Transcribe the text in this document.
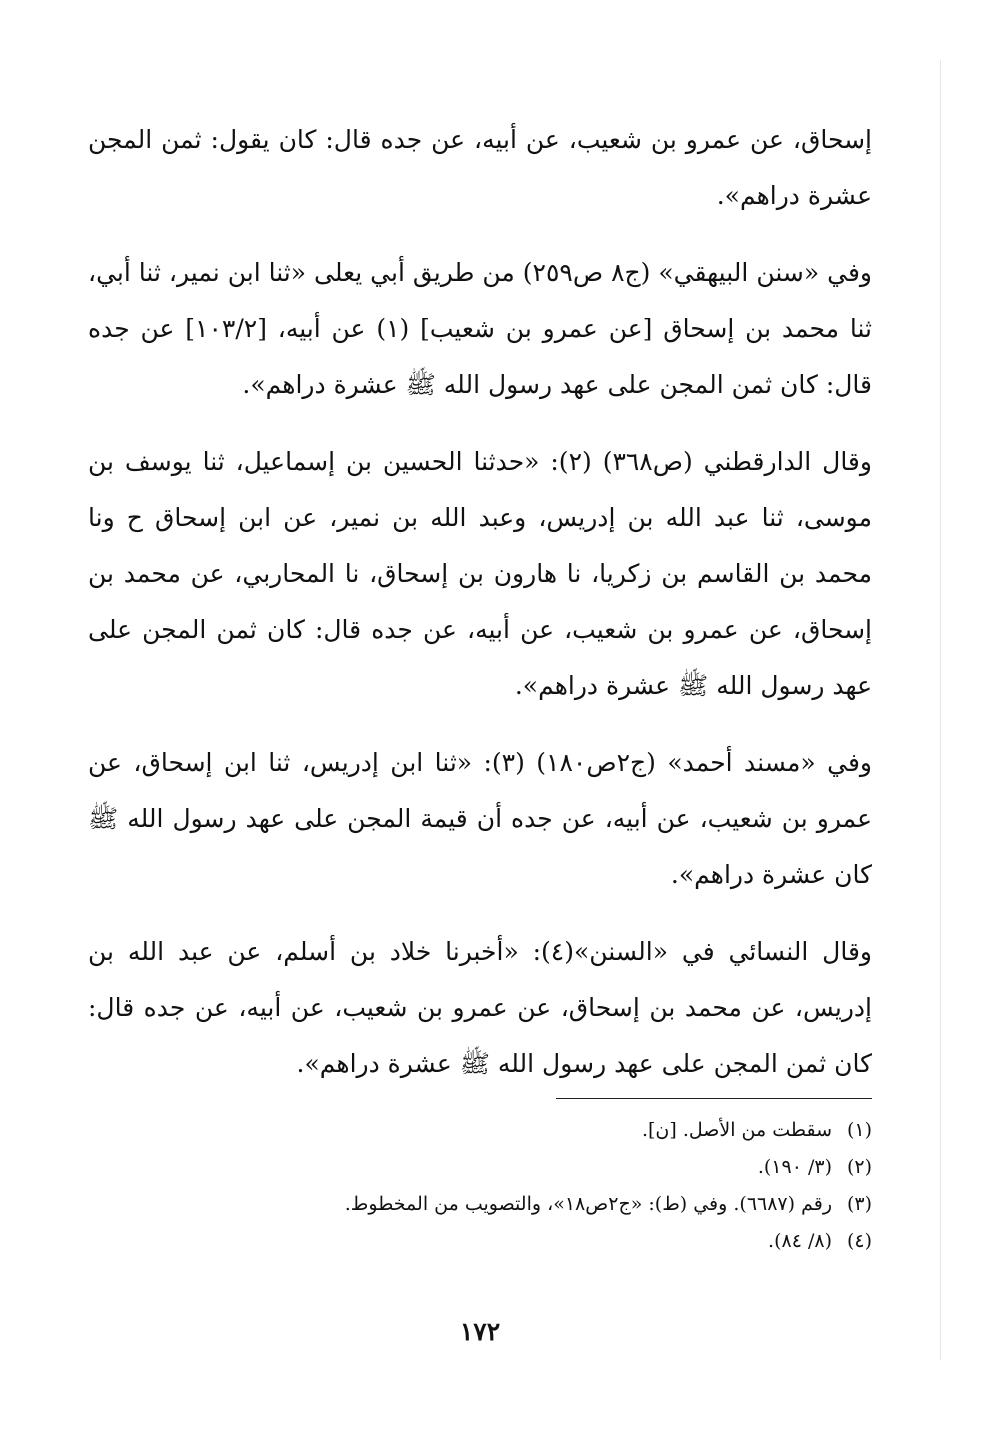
إسحاق، عن عمرو بن شعيب، عن أبيه، عن جده قال: كان يقول: ثمن المجن عشرة دراهم».

وفي «سنن البيهقي» (ج٨ ص٢٥٩) من طريق أبي يعلى «ثنا ابن نمير، ثنا أبي، ثنا محمد بن إسحاق [عن عمرو بن شعيب] (١) عن أبيه، [١٠٣/٢] عن جده قال: كان ثمن المجن على عهد رسول الله ﷺ عشرة دراهم».

وقال الدارقطني (ص٣٦٨) (٢): «حدثنا الحسين بن إسماعيل، ثنا يوسف بن موسى، ثنا عبد الله بن إدريس، وعبد الله بن نمير، عن ابن إسحاق ح ونا محمد بن القاسم بن زكريا، نا هارون بن إسحاق، نا المحاربي، عن محمد بن إسحاق، عن عمرو بن شعيب، عن أبيه، عن جده قال: كان ثمن المجن على عهد رسول الله ﷺ عشرة دراهم».

وفي «مسند أحمد» (ج٢ص١٨٠) (٣): «ثنا ابن إدريس، ثنا ابن إسحاق، عن عمرو بن شعيب، عن أبيه، عن جده أن قيمة المجن على عهد رسول الله ﷺ كان عشرة دراهم».

وقال النسائي في «السنن»(٤): «أخبرنا خلاد بن أسلم، عن عبد الله بن إدريس، عن محمد بن إسحاق، عن عمرو بن شعيب، عن أبيه، عن جده قال: كان ثمن المجن على عهد رسول الله ﷺ عشرة دراهم».

(١)سقطت من الأصل. [ن].
(٢)(٣/ ١٩٠).
(٣)رقم (٦٦٨٧). وفي (ط): «ج٢ص١٨»، والتصويب من المخطوط.
(٤)(٨/ ٨٤).
١٧٢
